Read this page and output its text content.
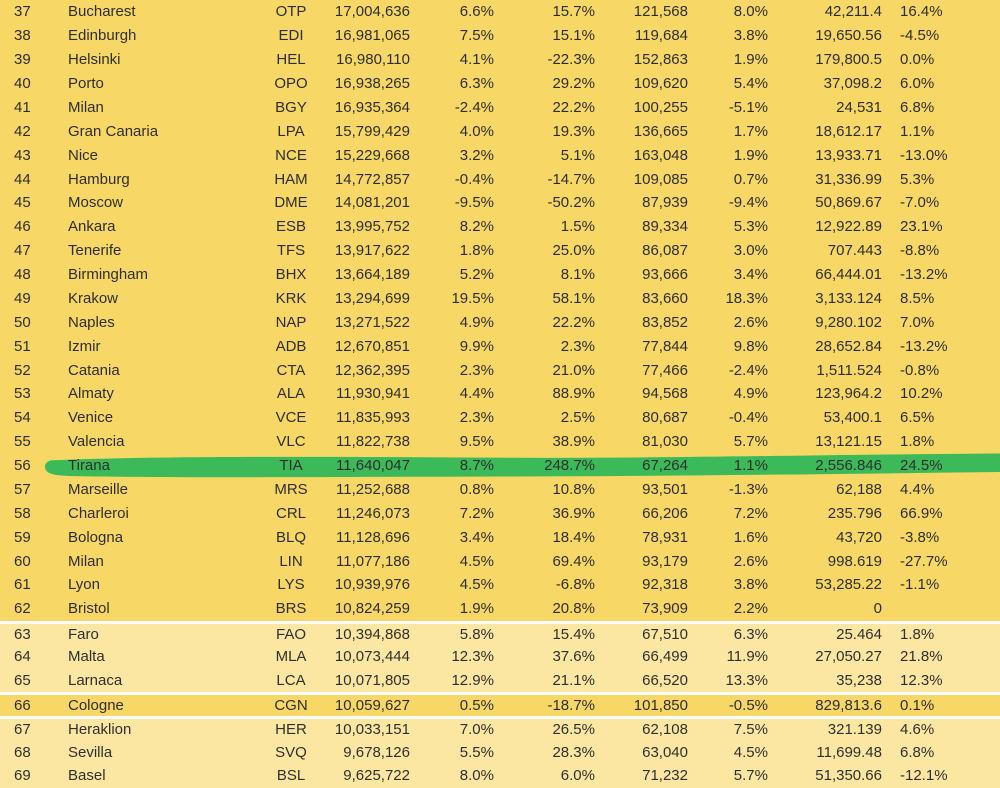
37	Bucharest	OTP	17,004,636	6.6%	15.7%	121,568	8.0%	42,211.4	16.4%
38	Edinburgh	EDI	16,981,065	7.5%	15.1%	119,684	3.8%	19,650.56	-4.5%
39	Helsinki	HEL	16,980,110	4.1%	-22.3%	152,863	1.9%	179,800.5	0.0%
40	Porto	OPO	16,938,265	6.3%	29.2%	109,620	5.4%	37,098.2	6.0%
41	Milan	BGY	16,935,364	-2.4%	22.2%	100,255	-5.1%	24,531	6.8%
42	Gran Canaria	LPA	15,799,429	4.0%	19.3%	136,665	1.7%	18,612.17	1.1%
43	Nice	NCE	15,229,668	3.2%	5.1%	163,048	1.9%	13,933.71	-13.0%
44	Hamburg	HAM	14,772,857	-0.4%	-14.7%	109,085	0.7%	31,336.99	5.3%
45	Moscow	DME	14,081,201	-9.5%	-50.2%	87,939	-9.4%	50,869.67	-7.0%
46	Ankara	ESB	13,995,752	8.2%	1.5%	89,334	5.3%	12,922.89	23.1%
47	Tenerife	TFS	13,917,622	1.8%	25.0%	86,087	3.0%	707.443	-8.8%
48	Birmingham	BHX	13,664,189	5.2%	8.1%	93,666	3.4%	66,444.01	-13.2%
49	Krakow	KRK	13,294,699	19.5%	58.1%	83,660	18.3%	3,133.124	8.5%
50	Naples	NAP	13,271,522	4.9%	22.2%	83,852	2.6%	9,280.102	7.0%
51	Izmir	ADB	12,670,851	9.9%	2.3%	77,844	9.8%	28,652.84	-13.2%
52	Catania	CTA	12,362,395	2.3%	21.0%	77,466	-2.4%	1,511.524	-0.8%
53	Almaty	ALA	11,930,941	4.4%	88.9%	94,568	4.9%	123,964.2	10.2%
54	Venice	VCE	11,835,993	2.3%	2.5%	80,687	-0.4%	53,400.1	6.5%
55	Valencia	VLC	11,822,738	9.5%	38.9%	81,030	5.7%	13,121.15	1.8%
56	Tirana	TIA	11,640,047	8.7%	248.7%	67,264	1.1%	2,556.846	24.5%
57	Marseille	MRS	11,252,688	0.8%	10.8%	93,501	-1.3%	62,188	4.4%
58	Charleroi	CRL	11,246,073	7.2%	36.9%	66,206	7.2%	235.796	66.9%
59	Bologna	BLQ	11,128,696	3.4%	18.4%	78,931	1.6%	43,720	-3.8%
60	Milan	LIN	11,077,186	4.5%	69.4%	93,179	2.6%	998.619	-27.7%
61	Lyon	LYS	10,939,976	4.5%	-6.8%	92,318	3.8%	53,285.22	-1.1%
62	Bristol	BRS	10,824,259	1.9%	20.8%	73,909	2.2%	0
63	Faro	FAO	10,394,868	5.8%	15.4%	67,510	6.3%	25.464	1.8%
64	Malta	MLA	10,073,444	12.3%	37.6%	66,499	11.9%	27,050.27	21.8%
65	Larnaca	LCA	10,071,805	12.9%	21.1%	66,520	13.3%	35,238	12.3%
66	Cologne	CGN	10,059,627	0.5%	-18.7%	101,850	-0.5%	829,813.6	0.1%
67	Heraklion	HER	10,033,151	7.0%	26.5%	62,108	7.5%	321.139	4.6%
68	Sevilla	SVQ	9,678,126	5.5%	28.3%	63,040	4.5%	11,699.48	6.8%
69	Basel	BSL	9,625,722	8.0%	6.0%	71,232	5.7%	51,350.66	-12.1%
